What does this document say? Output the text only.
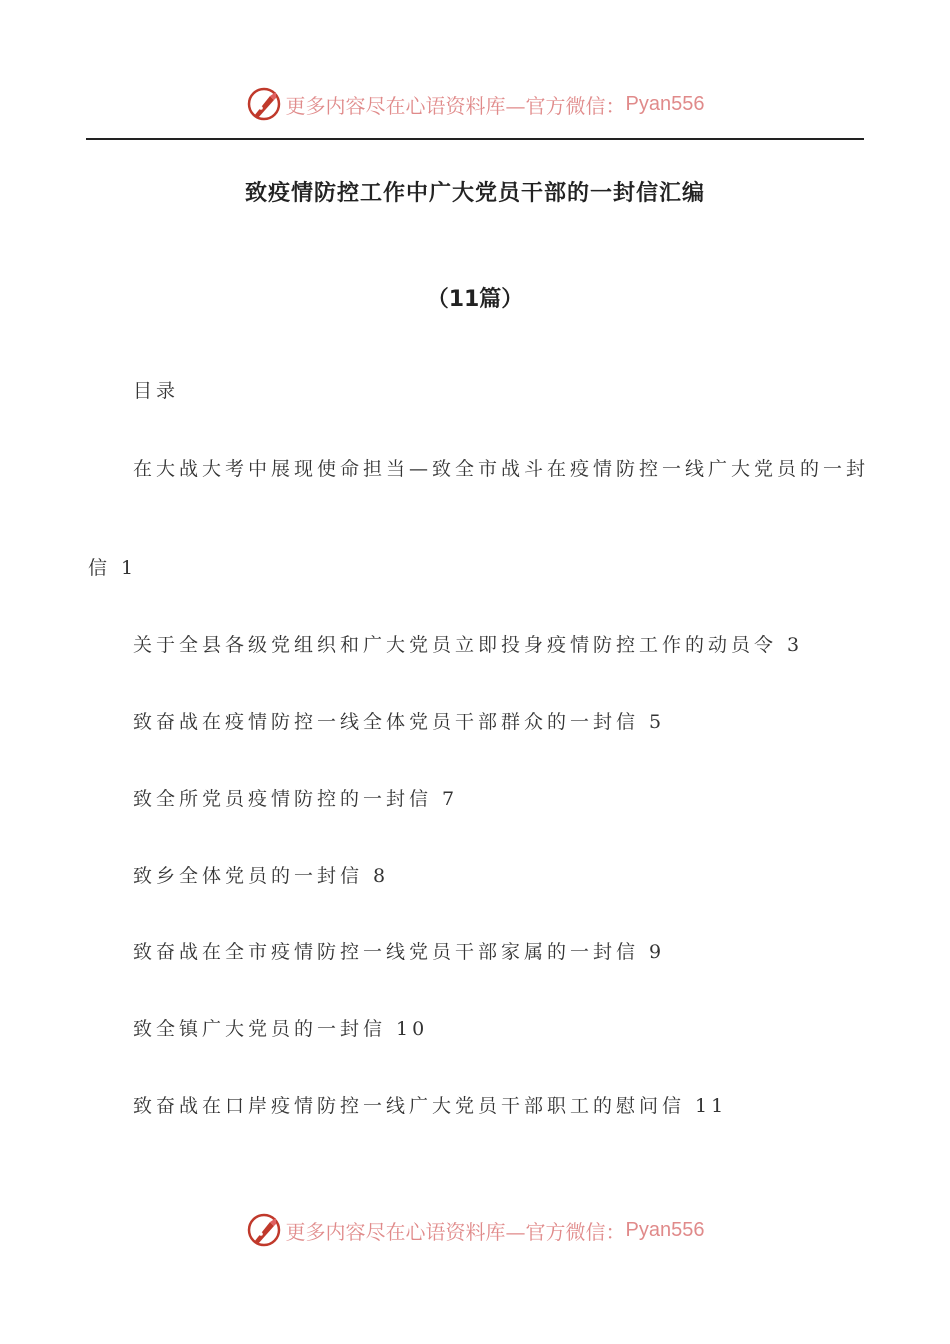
更多内容尽在心语资料库—官方微信： Pyan556
致疫情防控工作中广大党员干部的一封信汇编
（11篇）
目录
在大战大考中展现使命担当—致全市战斗在疫情防控一线广大党员的一封
信 1
关于全县各级党组织和广大党员立即投身疫情防控工作的动员令 3
致奋战在疫情防控一线全体党员干部群众的一封信 5
致全所党员疫情防控的一封信 7
致乡全体党员的一封信 8
致奋战在全市疫情防控一线党员干部家属的一封信 9
致全镇广大党员的一封信 10
致奋战在口岸疫情防控一线广大党员干部职工的慰问信 11
更多内容尽在心语资料库—官方微信： Pyan556
